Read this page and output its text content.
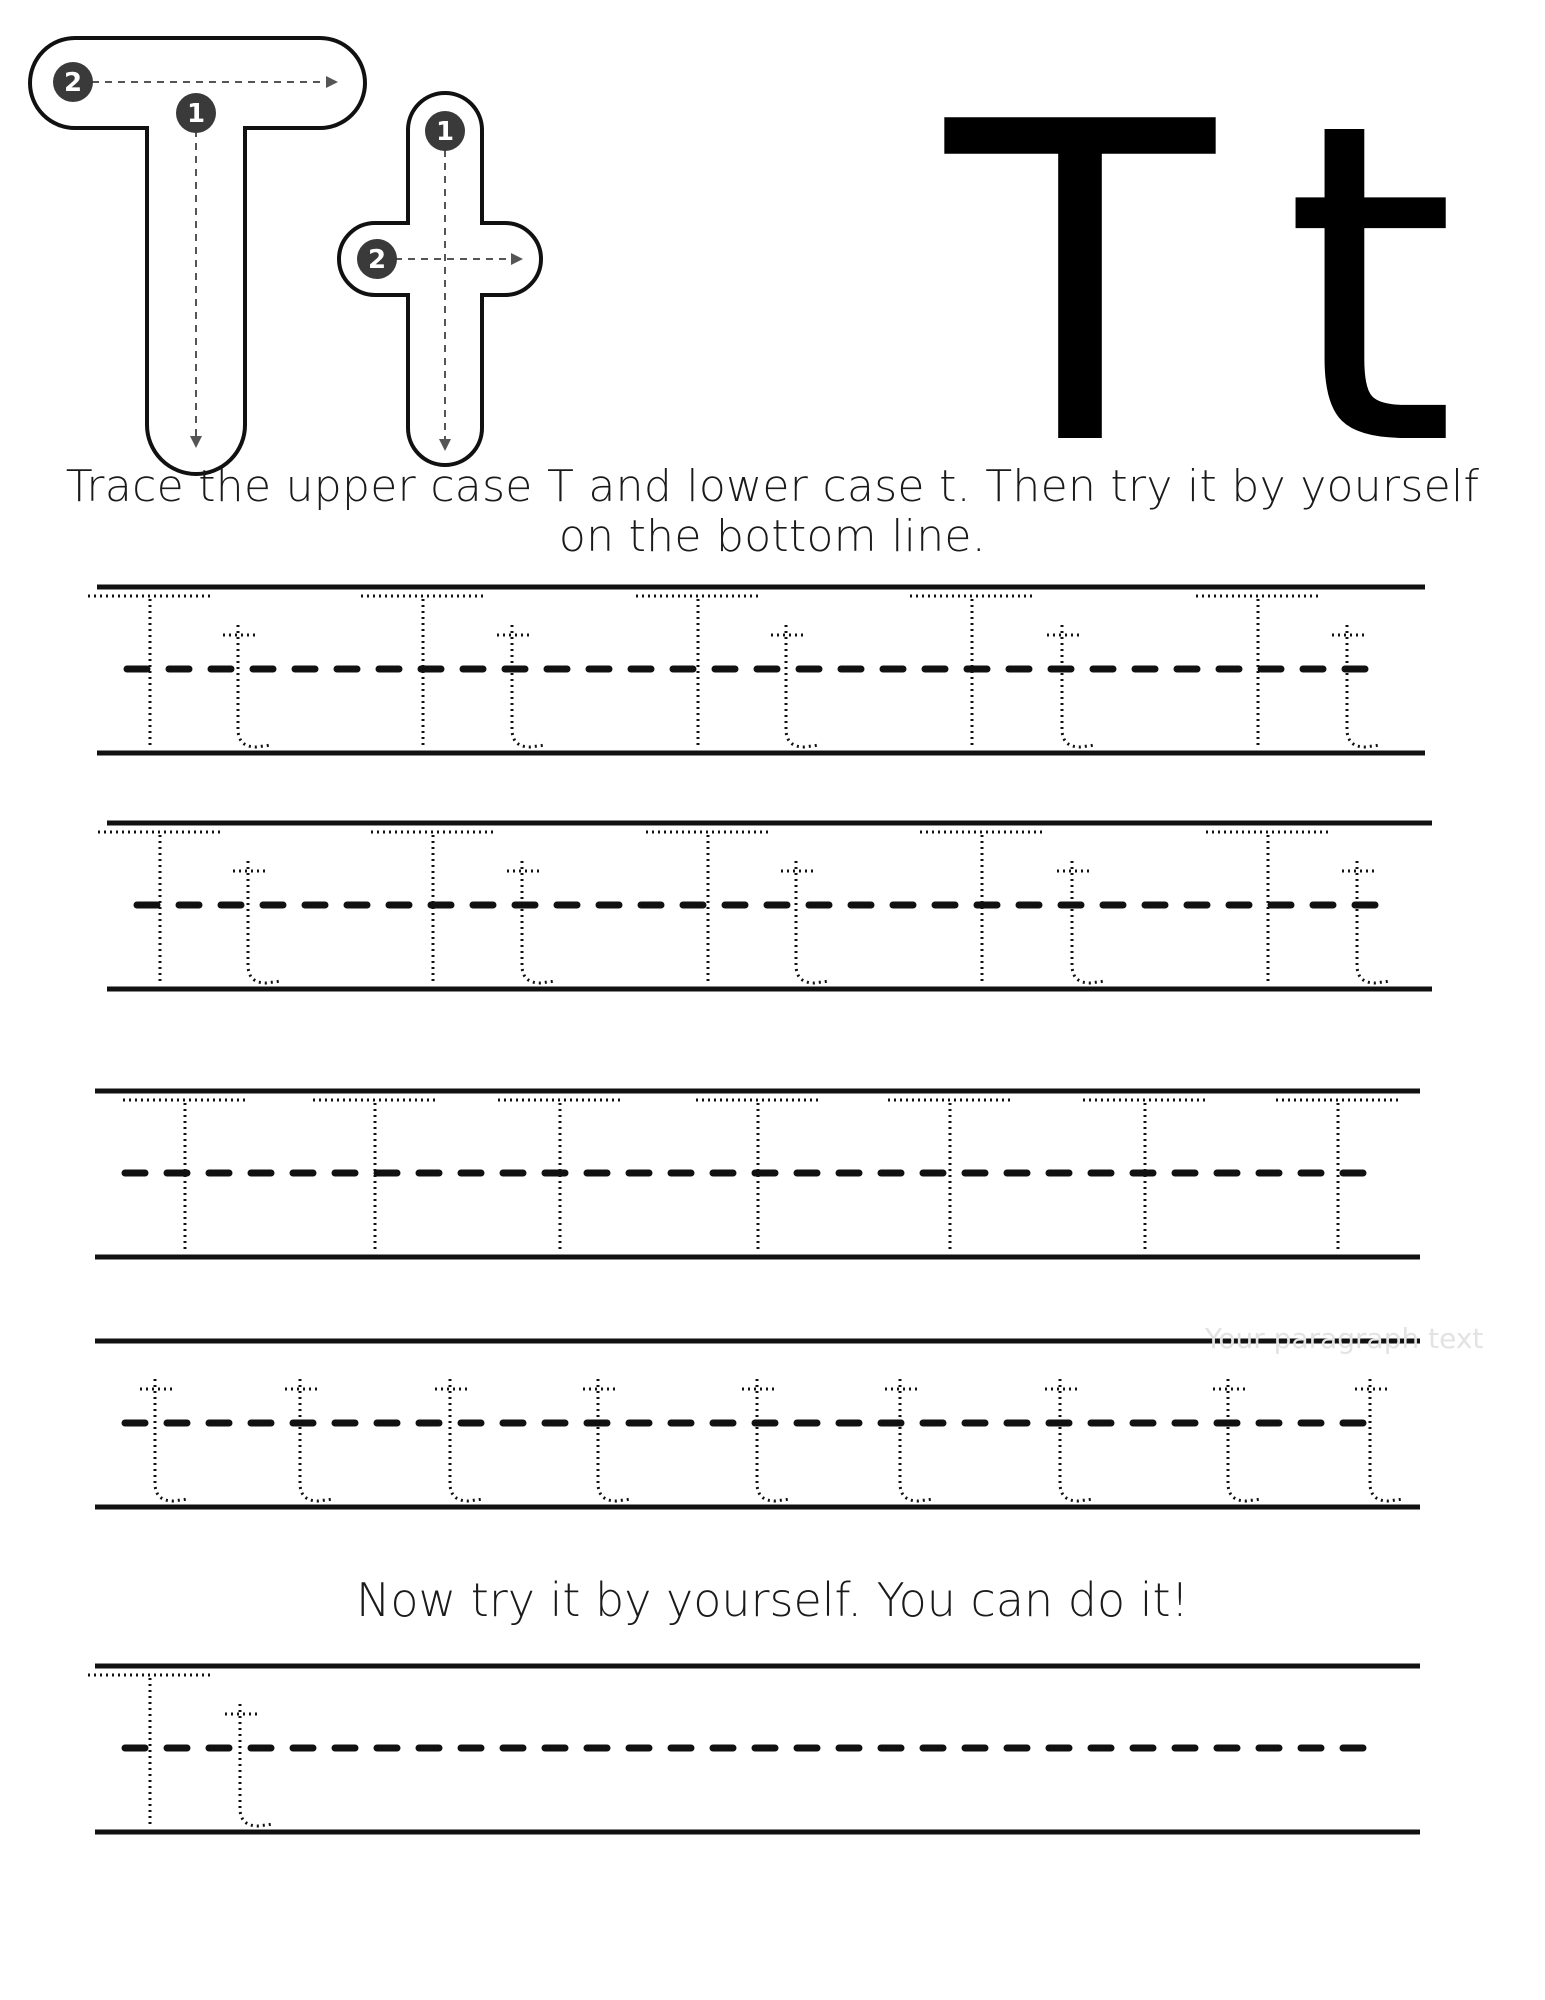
2
1
1
2 T t
Trace the upper case T and lower case t. Then try it by yourself on the bottom line.
Now try it by yourself. You can do it!
Your paragraph text
